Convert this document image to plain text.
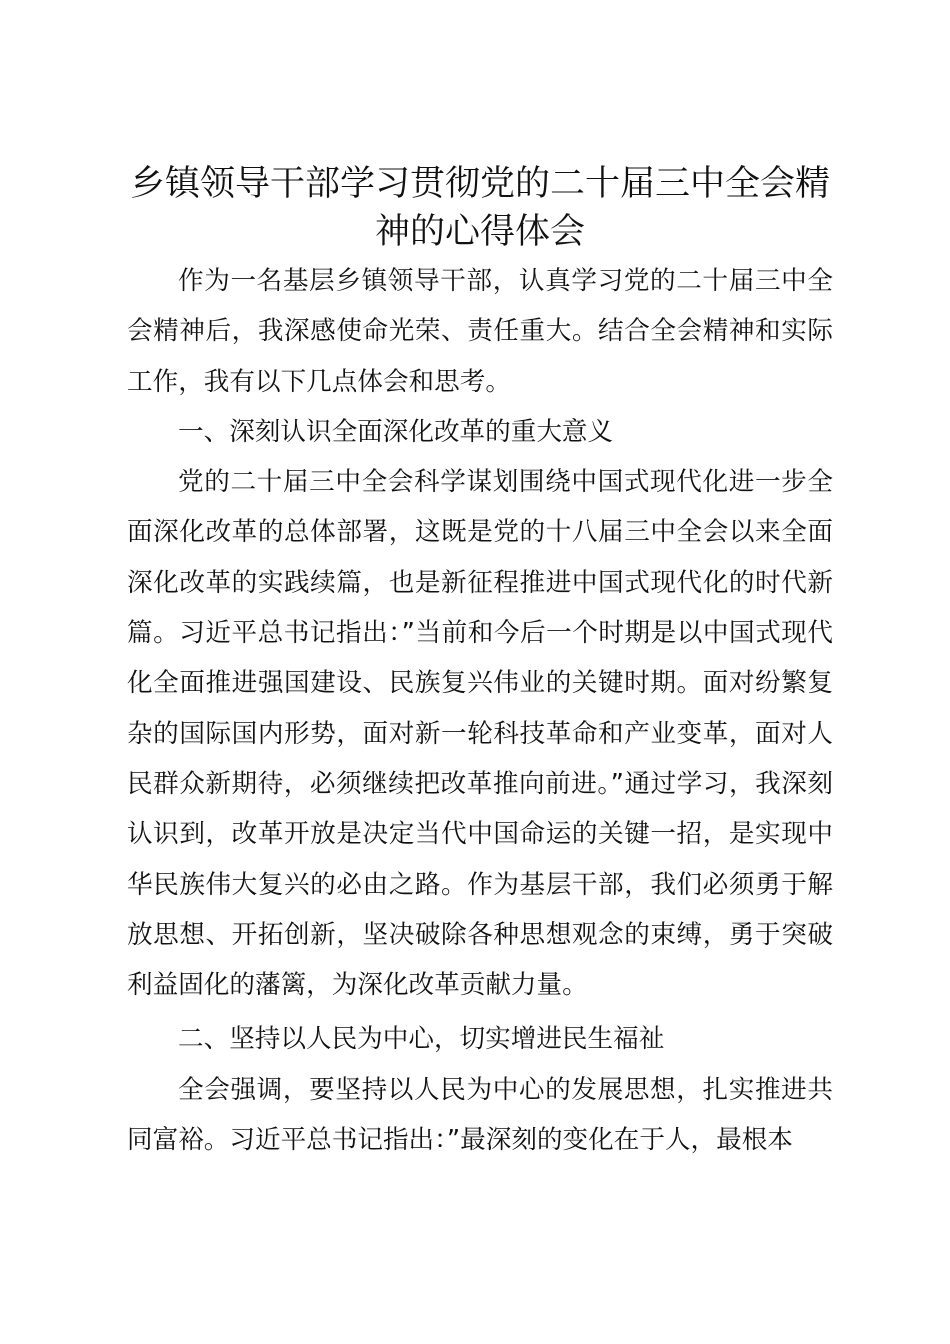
乡镇领导干部学习贯彻党的二十届三中全会精神的心得体会

作为一名基层乡镇领导干部，认真学习党的二十届三中全会精神后，我深感使命光荣、责任重大。结合全会精神和实际工作，我有以下几点体会和思考。

一、深刻认识全面深化改革的重大意义

党的二十届三中全会科学谋划围绕中国式现代化进一步全面深化改革的总体部署，这既是党的十八届三中全会以来全面深化改革的实践续篇，也是新征程推进中国式现代化的时代新篇。习近平总书记指出：”当前和今后一个时期是以中国式现代化全面推进强国建设、民族复兴伟业的关键时期。面对纷繁复杂的国际国内形势，面对新一轮科技革命和产业变革，面对人民群众新期待，必须继续把改革推向前进。”通过学习，我深刻认识到，改革开放是决定当代中国命运的关键一招，是实现中华民族伟大复兴的必由之路。作为基层干部，我们必须勇于解放思想、开拓创新，坚决破除各种思想观念的束缚，勇于突破利益固化的藩篱，为深化改革贡献力量。

二、坚持以人民为中心，切实增进民生福祉

全会强调，要坚持以人民为中心的发展思想，扎实推进共同富裕。习近平总书记指出：”最深刻的变化在于人，最根本
